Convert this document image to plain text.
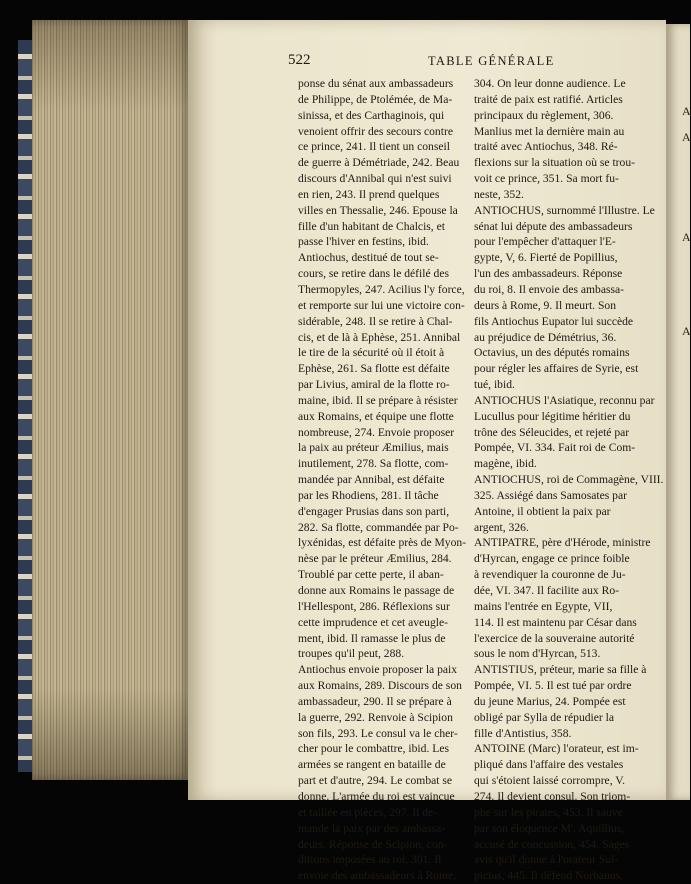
A
A
A
A
522	TABLE GÉNÉRALE
ponse du sénat aux ambassadeurs
de Philippe, de Ptolémée, de Ma-
sinissa, et des Carthaginois, qui
venoient offrir des secours contre
ce prince, 241. Il tient un conseil
de guerre à Démétriade, 242. Beau
discours d'Annibal qui n'est suivi
en rien, 243. Il prend quelques
villes en Thessalie, 246. Epouse la
fille d'un habitant de Chalcis, et
passe l'hiver en festins, ibid.
Antiochus, destitué de tout se-
cours, se retire dans le défilé des
Thermopyles, 247. Acilius l'y force,
et remporte sur lui une victoire con-
sidérable, 248. Il se retire à Chal-
cis, et de là à Ephèse, 251. Annibal
le tire de la sécurité où il étoit à
Ephèse, 261. Sa flotte est défaite
par Livius, amiral de la flotte ro-
maine, ibid. Il se prépare à résister
aux Romains, et équipe une flotte
nombreuse, 274. Envoie proposer
la paix au préteur Æmilius, mais
inutilement, 278. Sa flotte, com-
mandée par Annibal, est défaite
par les Rhodiens, 281. Il tâche
d'engager Prusias dans son parti,
282. Sa flotte, commandée par Po-
lyxénidas, est défaite près de Myon-
nèse par le préteur Æmilius, 284.
Troublé par cette perte, il aban-
donne aux Romains le passage de
l'Hellespont, 286. Réflexions sur
cette imprudence et cet aveugle-
ment, ibid. Il ramasse le plus de
troupes qu'il peut, 288.
Antiochus envoie proposer la paix
aux Romains, 289. Discours de son
ambassadeur, 290. Il se prépare à
la guerre, 292. Renvoie à Scipion
son fils, 293. Le consul va le cher-
cher pour le combattre, ibid. Les
armées se rangent en bataille de
part et d'autre, 294. Le combat se
donne. L'armée du roi est vaincue
et taillée en pièces, 297. Il de-
mande la paix par des ambassa-
deurs. Réponse de Scipion, con-
ditions imposées au roi, 301. Il
envoie des ambassadeurs à Rome,
304. On leur donne audience. Le
traité de paix est ratifié. Articles
principaux du règlement, 306.
Manlius met la dernière main au
traité avec Antiochus, 348. Ré-
flexions sur la situation où se trou-
voit ce prince, 351. Sa mort fu-
neste, 352.
ANTIOCHUS, surnommé l'Illustre. Le
sénat lui députe des ambassadeurs
pour l'empêcher d'attaquer l'E-
gypte, V, 6. Fierté de Popillius,
l'un des ambassadeurs. Réponse
du roi, 8. Il envoie des ambassa-
deurs à Rome, 9. Il meurt. Son
fils Antiochus Eupator lui succède
au préjudice de Démétrius, 36.
Octavius, un des députés romains
pour régler les affaires de Syrie, est
tué, ibid.
ANTIOCHUS l'Asiatique, reconnu par
Lucullus pour légitime héritier du
trône des Séleucides, et rejeté par
Pompée, VI. 334. Fait roi de Com-
magène, ibid.
ANTIOCHUS, roi de Commagène, VIII.
325. Assiégé dans Samosates par
Antoine, il obtient la paix par
argent, 326.
ANTIPATRE, père d'Hérode, ministre
d'Hyrcan, engage ce prince foible
à revendiquer la couronne de Ju-
dée, VI. 347. Il facilite aux Ro-
mains l'entrée en Egypte, VII,
114. Il est maintenu par César dans
l'exercice de la souveraine autorité
sous le nom d'Hyrcan, 513.
ANTISTIUS, préteur, marie sa fille à
Pompée, VI. 5. Il est tué par ordre
du jeune Marius, 24. Pompée est
obligé par Sylla de répudier la
fille d'Antistius, 358.
ANTOINE (Marc) l'orateur, est im-
pliqué dans l'affaire des vestales
qui s'étoient laissé corrompre, V.
274. Il devient consul. Son triom-
phe sur les pirates, 453. Il sauve
par son éloquence M'. Aquillius,
accusé de concussion, 454. Sages
avis qu'il donne à l'orateur Sul-
picius, 445. Il défend Norbanus,
